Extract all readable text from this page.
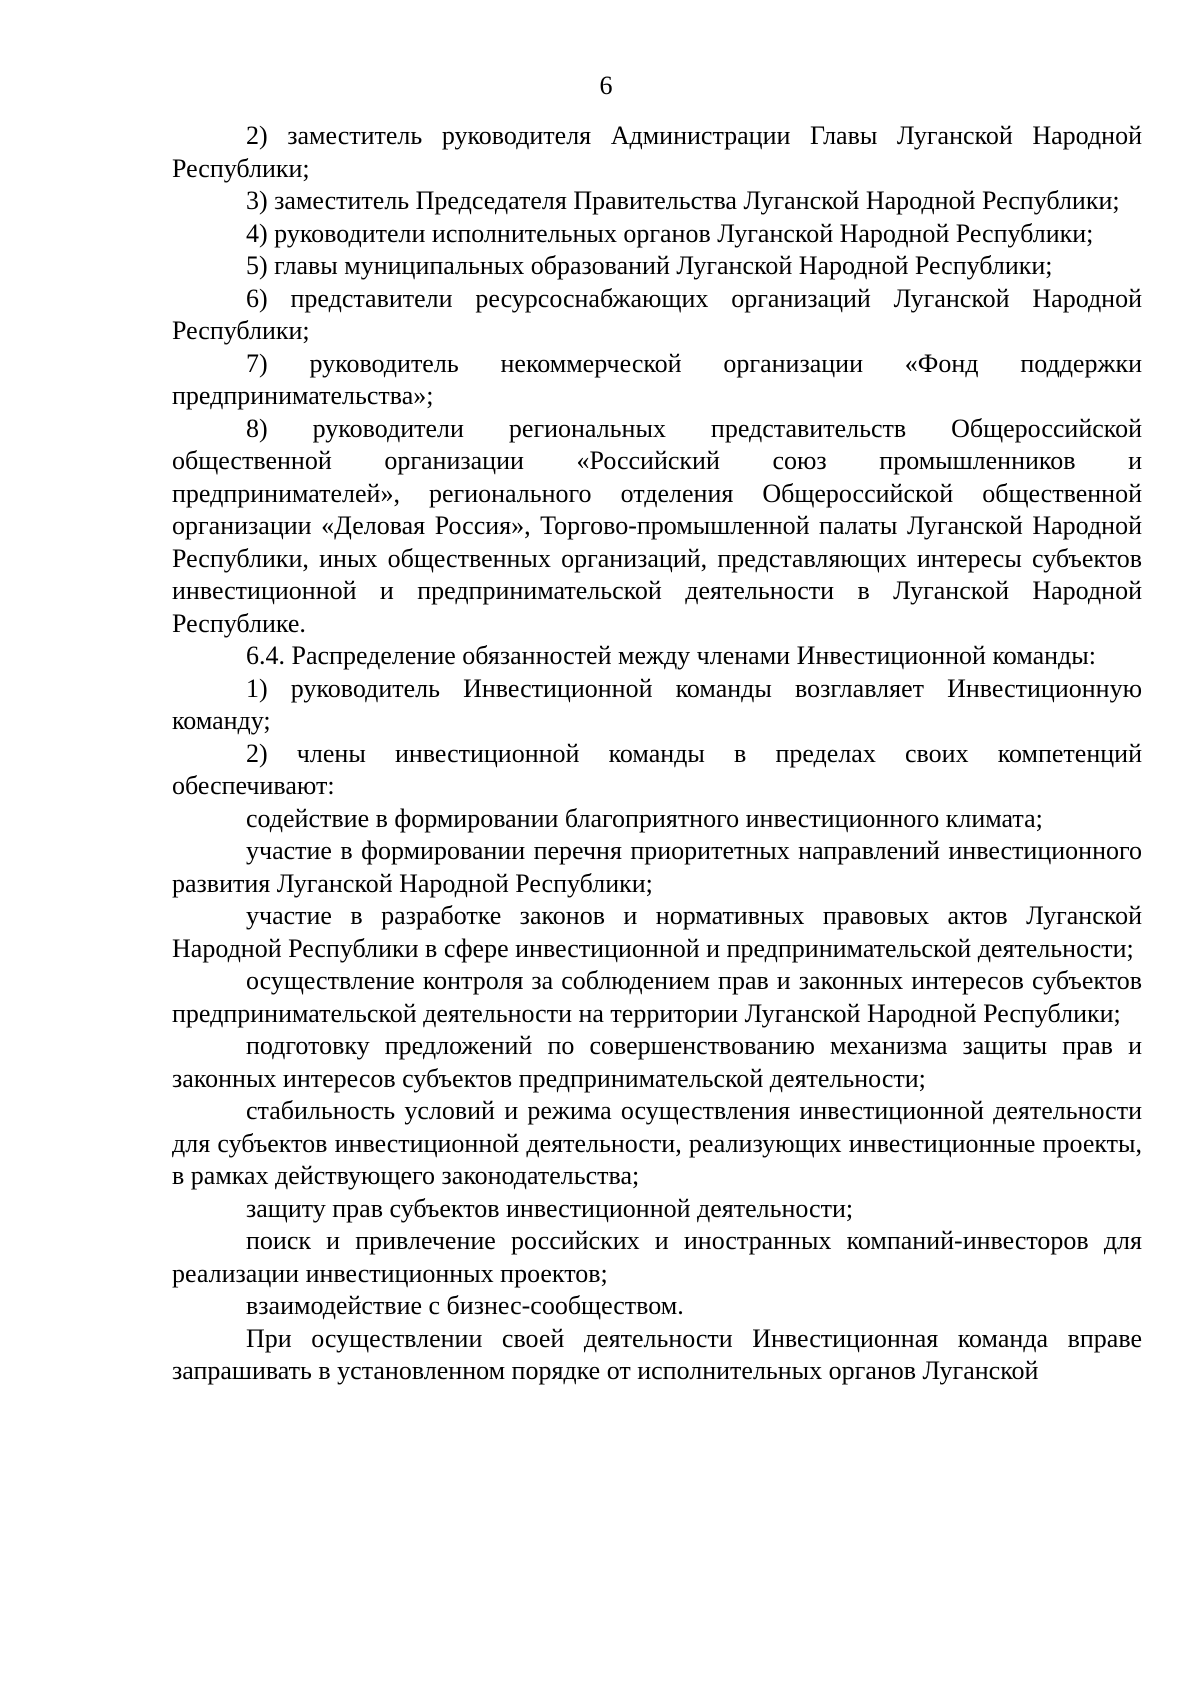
6

2) заместитель руководителя Администрации Главы Луганской Народной Республики;

3) заместитель Председателя Правительства Луганской Народной Республики;

4) руководители исполнительных органов Луганской Народной Республики;

5) главы муниципальных образований Луганской Народной Республики;

6) представители ресурсоснабжающих организаций Луганской Народной Республики;

7) руководитель некоммерческой организации «Фонд поддержки предпринимательства»;

8) руководители региональных представительств Общероссийской общественной организации «Российский союз промышленников и предпринимателей», регионального отделения Общероссийской общественной организации «Деловая Россия», Торгово-промышленной палаты Луганской Народной Республики, иных общественных организаций, представляющих интересы субъектов инвестиционной и предпринимательской деятельности в Луганской Народной Республике.

6.4. Распределение обязанностей между членами Инвестиционной команды:

1) руководитель Инвестиционной команды возглавляет Инвестиционную команду;

2) члены инвестиционной команды в пределах своих компетенций обеспечивают:

содействие в формировании благоприятного инвестиционного климата;

участие в формировании перечня приоритетных направлений инвестиционного развития Луганской Народной Республики;

участие в разработке законов и нормативных правовых актов Луганской Народной Республики в сфере инвестиционной и предпринимательской деятельности;

осуществление контроля за соблюдением прав и законных интересов субъектов предпринимательской деятельности на территории Луганской Народной Республики;

подготовку предложений по совершенствованию механизма защиты прав и законных интересов субъектов предпринимательской деятельности;

стабильность условий и режима осуществления инвестиционной деятельности для субъектов инвестиционной деятельности, реализующих инвестиционные проекты, в рамках действующего законодательства;

защиту прав субъектов инвестиционной деятельности;

поиск и привлечение российских и иностранных компаний-инвесторов для реализации инвестиционных проектов;

взаимодействие с бизнес-сообществом.

При осуществлении своей деятельности Инвестиционная команда вправе запрашивать в установленном порядке от исполнительных органов Луганской
